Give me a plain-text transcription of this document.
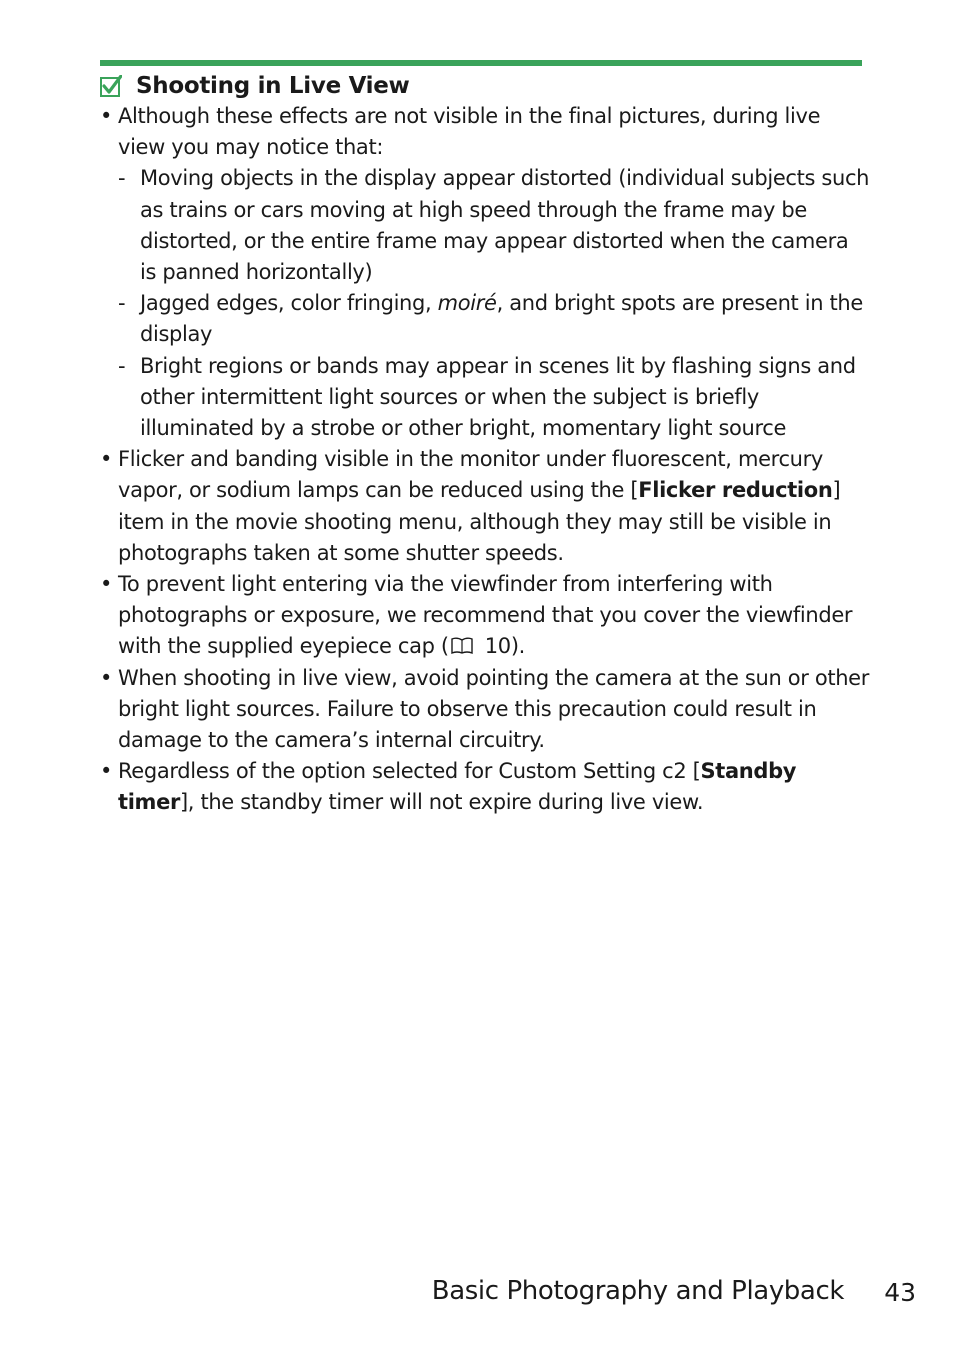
Shooting in Live View
• Although these effects are not visible in the final pictures, during live view you may notice that:
- Moving objects in the display appear distorted (individual subjects such as trains or cars moving at high speed through the frame may be distorted, or the entire frame may appear distorted when the camera is panned horizontally)
- Jagged edges, color fringing, moiré, and bright spots are present in the display
- Bright regions or bands may appear in scenes lit by flashing signs and other intermittent light sources or when the subject is briefly illuminated by a strobe or other bright, momentary light source
• Flicker and banding visible in the monitor under fluorescent, mercury vapor, or sodium lamps can be reduced using the [Flicker reduction] item in the movie shooting menu, although they may still be visible in photographs taken at some shutter speeds.
• To prevent light entering via the viewfinder from interfering with photographs or exposure, we recommend that you cover the viewfinder with the supplied eyepiece cap ( 10).
• When shooting in live view, avoid pointing the camera at the sun or other bright light sources. Failure to observe this precaution could result in damage to the camera’s internal circuitry.
• Regardless of the option selected for Custom Setting c2 [Standby timer], the standby timer will not expire during live view.
Basic Photography and Playback 43
